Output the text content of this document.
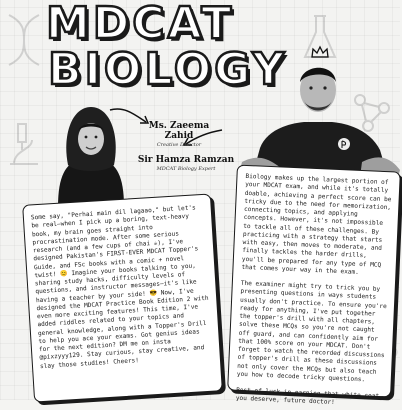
MDCAT
BIOLOGY
Ms. Zaeema Zahid
Creative Director
Sir Hamza Ramzan
MDCAT Biology Expert

Some say, "Perhai main dil lagaao," but let's be real–when I pick up a boring, text-heavy book, my brain goes straight into procrastination mode. After some serious research (and a few cups of chai ☕), I've designed Pakistan's FIRST-EVER MDCAT Topper's Guide, and FSc books with a comic + novel twist! 😊 Imagine your books talking to you, sharing study hacks, difficulty levels of questions, and instructor messages–it's like having a teacher by your side! 😎 Now, I've designed the MDCAT Practice Book Edition 2 with even more exciting features! This time, I've added riddles related to your topics and general knowledge, along with a Topper's Drill to help you ace your exams. Got genius ideas for the next edition? DM me on insta @pixzyyy129. Stay curious, stay creative, and slay those studies! Cheers!

Biology makes up the largest portion of your MDCAT exam, and while it's totally doable, achieving a perfect score can be tricky due to the need for memorization, connecting topics, and applying concepts. However, it's not impossible to tackle all of these challenges. By practicing with a strategy that starts with easy, then moves to moderate, and finally tackles the harder drills, you'll be prepared for any type of MCQ that comes your way in the exam.

The examiner might try to trick you by presenting questions in ways students usually don't practice. To ensure you're ready for anything, I've put together the topper's drill with all chapters, solve these MCQs so you're not caught off guard, and can confidently aim for that 100% score on your MDCAT. Don't forget to watch the recorded discussions of topper's drill as these discussions not only cover the MCQs but also teach you how to decode tricky questions.

Best of luck in earning that white coat you deserve, future doctor!
